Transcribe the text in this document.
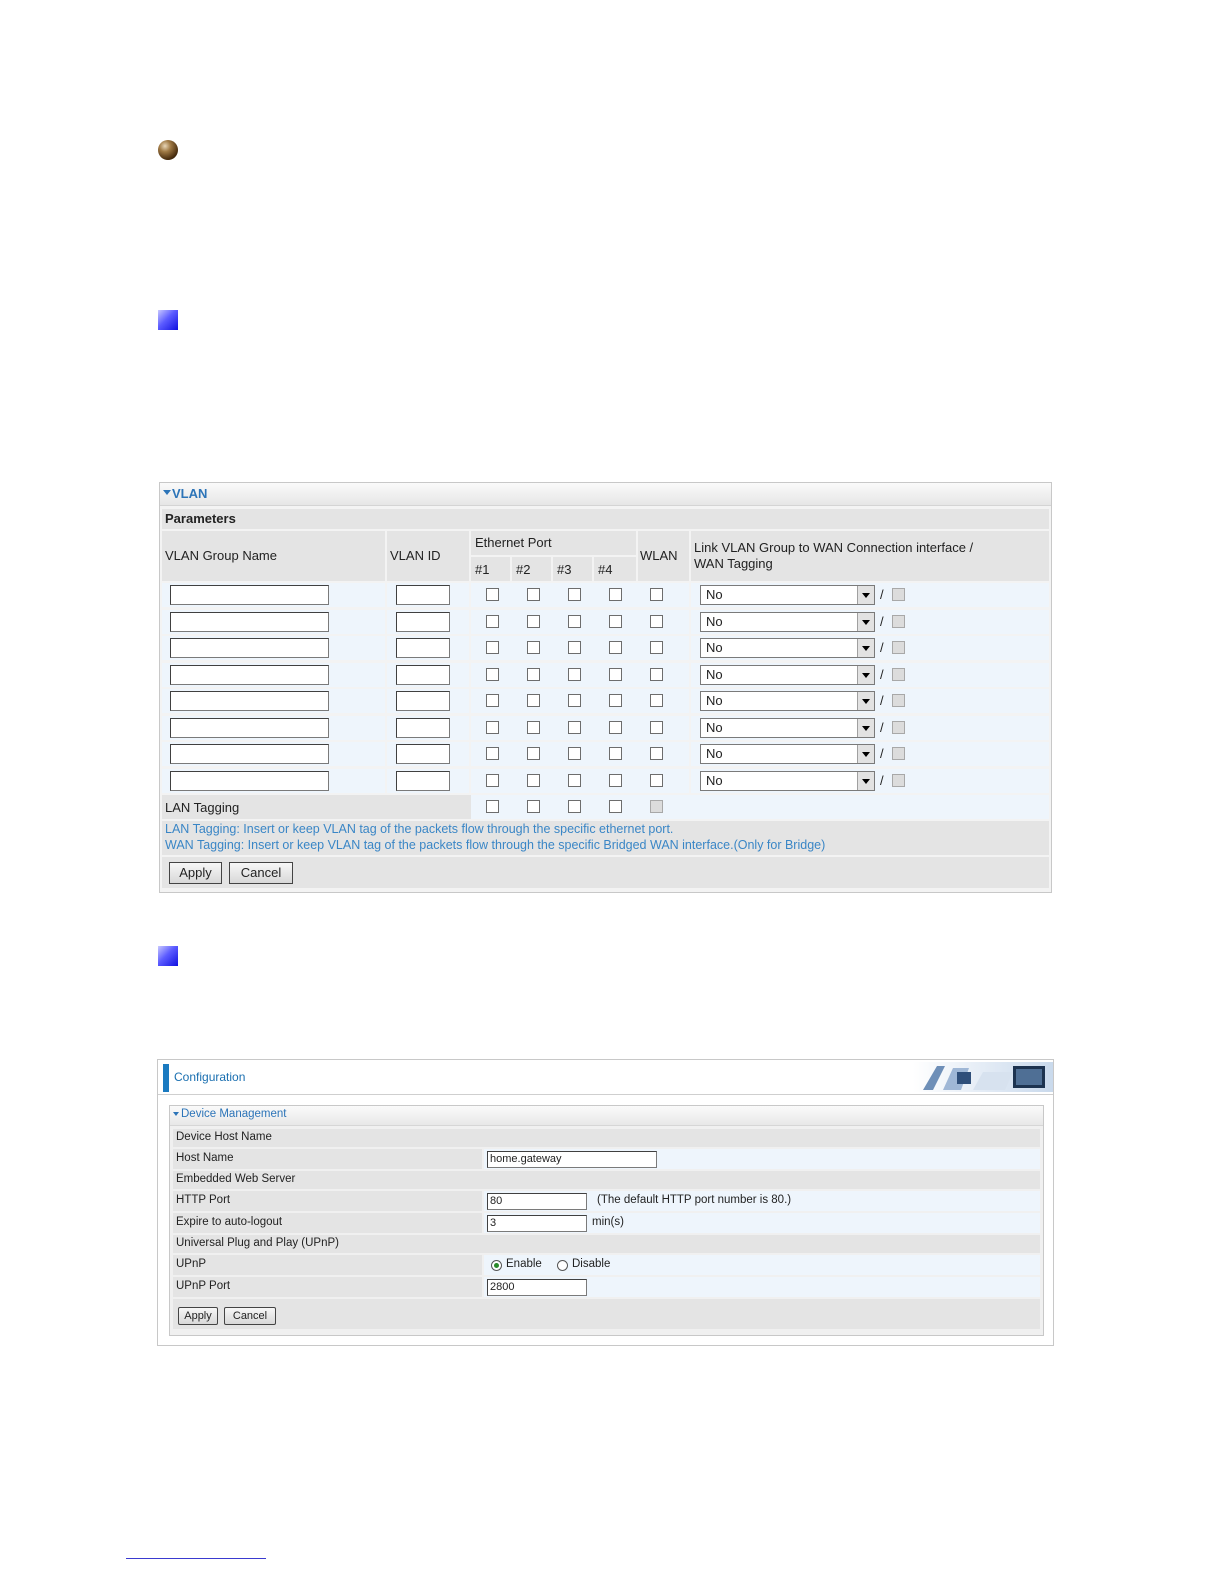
VLAN
Parameters
VLAN Group Name	VLAN ID
Ethernet Port
#1 #2 #3 #4
WLAN
Link VLAN Group to WAN Connection interface /
WAN Tagging
No	/
No	/
No	/
No	/
No	/
No	/
No	/
No	/
LAN Tagging
LAN Tagging: Insert or keep VLAN tag of the packets flow through the specific ethernet port.
WAN Tagging: Insert or keep VLAN tag of the packets flow through the specific Bridged WAN interface.(Only for Bridge)
Apply	Cancel
Configuration
Device Management
Device Host Name
Host Name	home.gateway
Embedded Web Server
HTTP Port	80	(The default HTTP port number is 80.)
Expire to auto-logout	3	min(s)
Universal Plug and Play (UPnP)
UPnP	Enable	Disable
UPnP Port	2800
Apply	Cancel
